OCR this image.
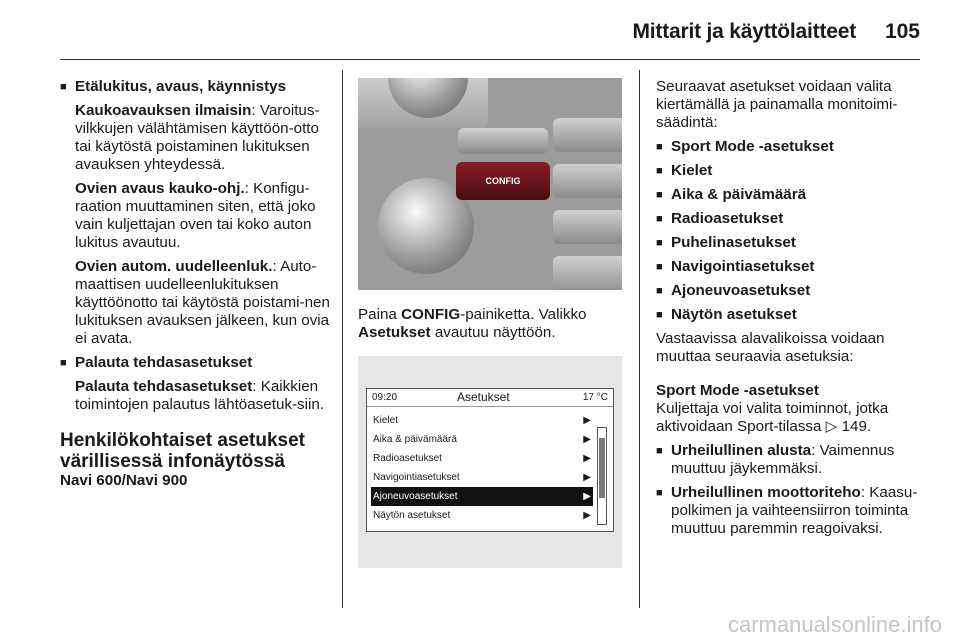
Mittarit ja käyttölaitteet 105
■ Etälukitus, avaus, käynnistys
Kaukoavauksen ilmaisin: Varoitus-vilkkujen välähtämisen käyttöön-otto tai käytöstä poistaminen lukituksen avauksen yhteydessä.
Ovien avaus kauko-ohj.: Konfigu-raation muuttaminen siten, että joko vain kuljettajan oven tai koko auton lukitus avautuu.
Ovien autom. uudelleenluk.: Auto-maattisen uudelleenlukituksen käyttöönotto tai käytöstä poistami-nen lukituksen avauksen jälkeen, kun ovia ei avata.
■ Palauta tehdasasetukset
Palauta tehdasasetukset: Kaikkien toimintojen palautus lähtöasetuk-siin.
Henkilökohtaiset asetukset värillisessä infonäytössä
Navi 600/Navi 900
CONFIG
Paina CONFIG-painiketta. Valikko Asetukset avautuu näyttöön.
09:20	Asetukset	17 °C
Kielet	▶
Aika & päivämäärä	▶
Radioasetukset	▶
Navigointiasetukset	▶
Ajoneuvoasetukset	▶
Näytön asetukset	▶
Seuraavat asetukset voidaan valita kiertämällä ja painamalla monitoimi-säädintä:
■ Sport Mode -asetukset
■ Kielet
■ Aika & päivämäärä
■ Radioasetukset
■ Puhelinasetukset
■ Navigointiasetukset
■ Ajoneuvoasetukset
■ Näytön asetukset
Vastaavissa alavalikoissa voidaan muuttaa seuraavia asetuksia:
Sport Mode -asetukset
Kuljettaja voi valita toiminnot, jotka aktivoidaan Sport-tilassa ▷ 149.
■ Urheilullinen alusta: Vaimennus muuttuu jäykemmäksi.
■ Urheilullinen moottoriteho: Kaasu-polkimen ja vaihteensiirron toiminta muuttuu paremmin reagoivaksi.
carmanualsonline.info
